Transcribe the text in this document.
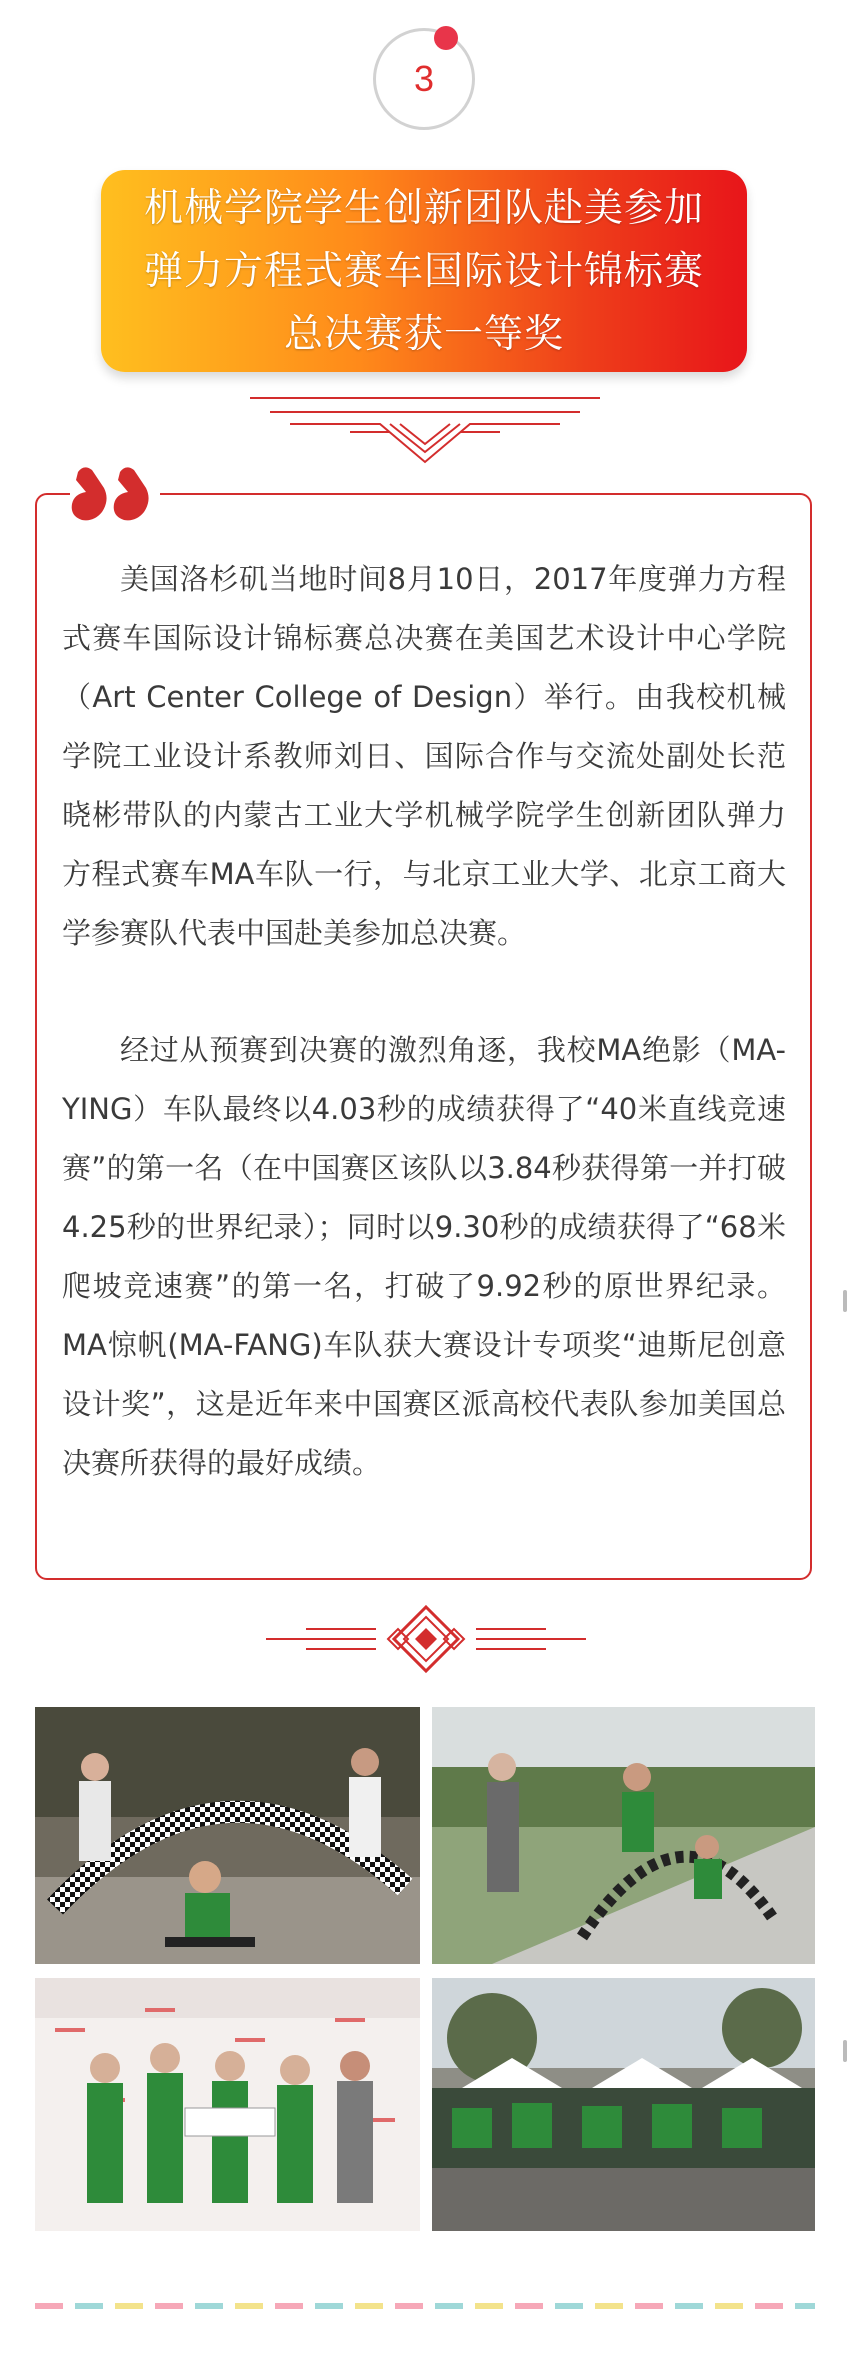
3
机械学院学生创新团队赴美参加
弹力方程式赛车国际设计锦标赛
总决赛获一等奖

美国洛杉矶当地时间8月10日，2017年度弹力方程式赛车国际设计锦标赛总决赛在美国艺术设计中心学院（Art Center College of Design）举行。由我校机械学院工业设计系教师刘日、国际合作与交流处副处长范晓彬带队的内蒙古工业大学机械学院学生创新团队弹力方程式赛车MA车队一行，与北京工业大学、北京工商大学参赛队代表中国赴美参加总决赛。

经过从预赛到决赛的激烈角逐，我校MA绝影（MA-YING）车队最终以4.03秒的成绩获得了“40米直线竞速赛”的第一名（在中国赛区该队以3.84秒获得第一并打破4.25秒的世界纪录）；同时以9.30秒的成绩获得了“68米爬坡竞速赛”的第一名，打破了9.92秒的原世界纪录。MA惊帆(MA-FANG)车队获大赛设计专项奖“迪斯尼创意设计奖”，这是近年来中国赛区派高校代表队参加美国总决赛所获得的最好成绩。
